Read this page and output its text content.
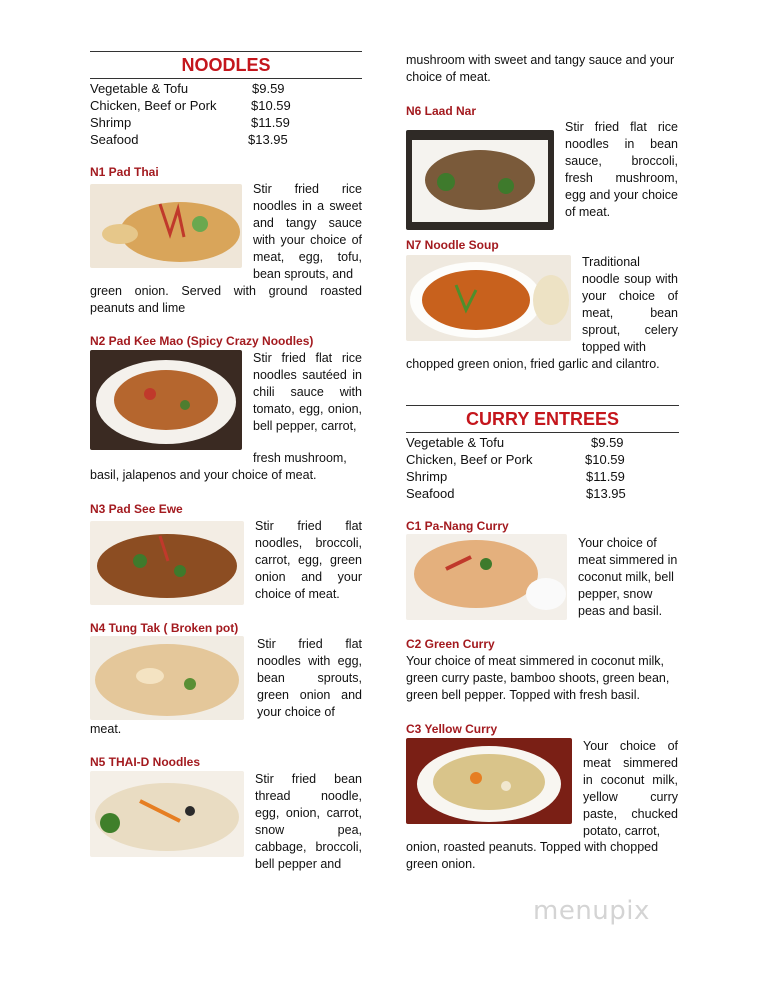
NOODLES
Vegetable & Tofu	$9.59
Chicken, Beef or Pork	$10.59
Shrimp	$11.59
Seafood	$13.95
N1 Pad Thai
Stir fried rice noodles in a sweet and tangy sauce with your choice of meat, egg, tofu, bean sprouts, and
green onion. Served with ground roasted peanuts and lime
N2 Pad Kee Mao (Spicy Crazy Noodles)
Stir fried flat rice noodles sautéed in chili sauce with tomato, egg, onion, bell pepper, carrot,
fresh mushroom,
basil, jalapenos and your choice of meat.
N3 Pad See Ewe
Stir fried flat noodles, broccoli, carrot, egg, green onion and your choice of meat.
N4 Tung Tak ( Broken pot)
Stir fried flat noodles with egg, bean sprouts, green onion and your choice of
meat.
N5 THAI-D Noodles
Stir fried bean thread noodle, egg, onion, carrot, snow pea, cabbage, broccoli, bell pepper and
mushroom with sweet and tangy sauce and your choice of meat.
N6 Laad Nar
Stir fried flat rice noodles in bean sauce, broccoli, fresh mushroom, egg and your choice of meat.
N7 Noodle Soup
Traditional noodle soup with your choice of meat, bean sprout, celery topped with
chopped green onion, fried garlic and cilantro.
CURRY ENTREES
Vegetable & Tofu	$9.59
Chicken, Beef or Pork	$10.59
Shrimp	$11.59
Seafood	$13.95
C1 Pa-Nang Curry
Your choice of meat simmered in coconut milk, bell pepper, snow peas and basil.
C2 Green Curry
Your choice of meat simmered in coconut milk, green curry paste, bamboo shoots, green bean, green bell pepper. Topped with fresh basil.
C3 Yellow Curry
Your choice of meat simmered in coconut milk, yellow curry paste, chucked potato, carrot,
onion, roasted peanuts. Topped with chopped green onion.
menupix
